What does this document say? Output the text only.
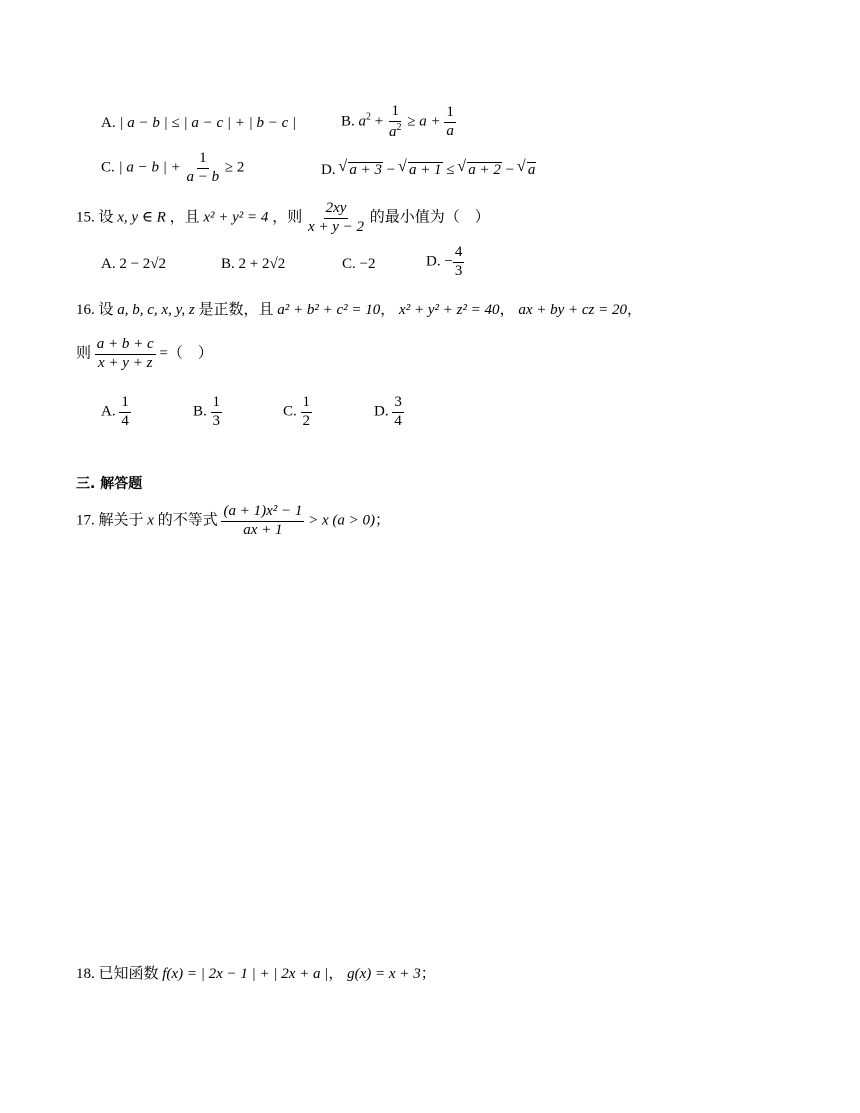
A. | a − b | ≤ | a − c | + | b − c |	B. $a^2 + \frac{1}{a^2} \ge a + \frac{1}{a}$
C. | a − b | + $\frac{1}{a - b} \ge 2$	D. √ a + 3 − √ a + 1 ≤ √ a + 2 − √ a
15. 设 x, y ∈ R ，且 x² + y² = 4 ，则 $\frac{2xy}{x + y - 2}$ 的最小值为（　）
A. 2 − 2√2	B. 2 + 2√2	C. −2	D. − $\frac{4}{3}$
16. 设 a, b, c, x, y, z 是正数，且 a² + b² + c² = 10， x² + y² + z² = 40， ax + by + cz = 20，
则 $\frac{a + b + c}{x + y + z}$ =（　）
A. $\frac{1}{4}$	B. $\frac{1}{3}$	C. $\frac{1}{2}$	D. $\frac{3}{4}$
三. 解答题
17. 解关于 x 的不等式 $\frac{\text{(a + 1)x² − 1}}{ax + 1} > x$ (a > 0)；
18. 已知函数 f(x) = | 2x − 1 | + | 2x + a |， g(x) = x + 3；
